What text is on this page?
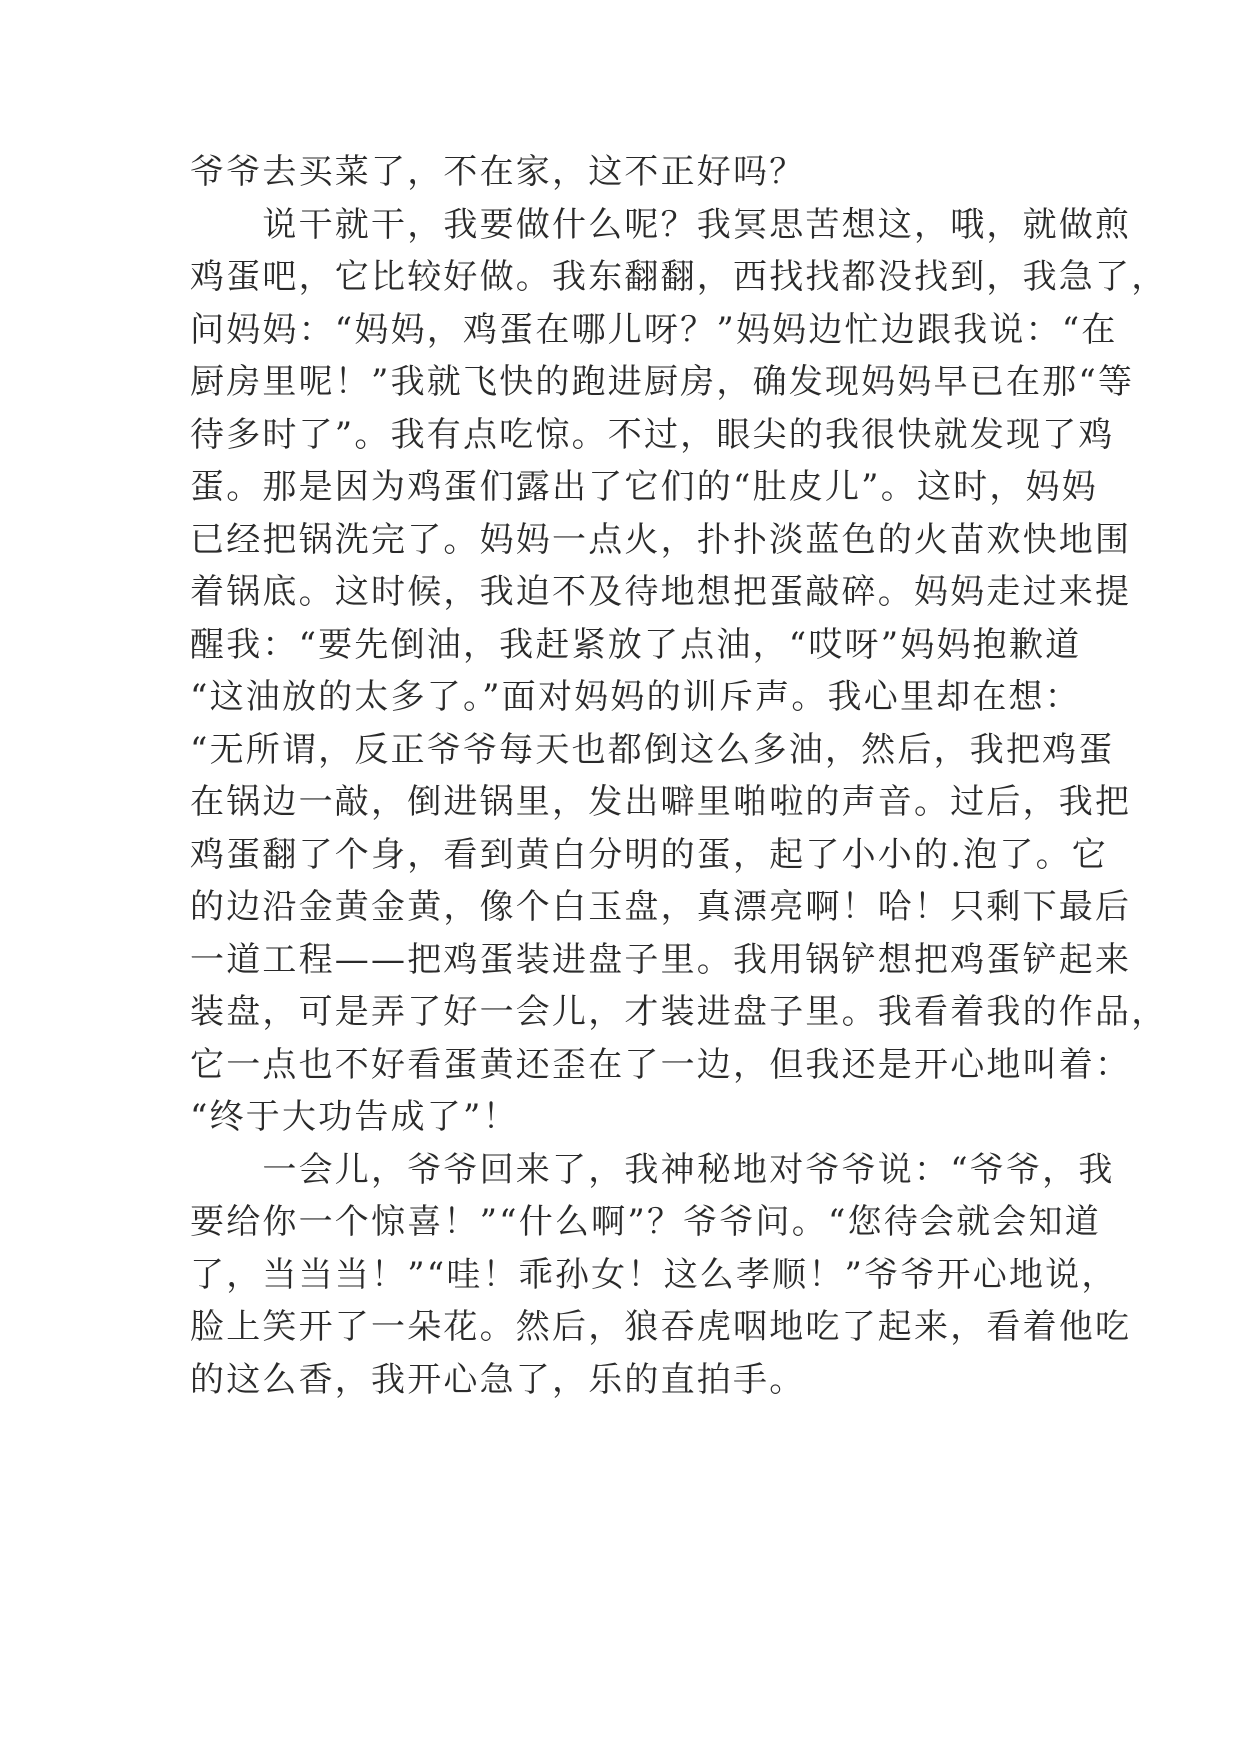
爷爷去买菜了，不在家，这不正好吗？
　　说干就干，我要做什么呢？我冥思苦想这，哦，就做煎
鸡蛋吧，它比较好做。我东翻翻，西找找都没找到，我急了，
问妈妈：“妈妈，鸡蛋在哪儿呀？”妈妈边忙边跟我说：“在
厨房里呢！”我就飞快的跑进厨房，确发现妈妈早已在那“等
待多时了”。我有点吃惊。不过，眼尖的我很快就发现了鸡
蛋。那是因为鸡蛋们露出了它们的“肚皮儿”。这时，妈妈
已经把锅洗完了。妈妈一点火，扑扑淡蓝色的火苗欢快地围
着锅底。这时候，我迫不及待地想把蛋敲碎。妈妈走过来提
醒我：“要先倒油，我赶紧放了点油，“哎呀”妈妈抱歉道
“这油放的太多了。”面对妈妈的训斥声。我心里却在想：
“无所谓，反正爷爷每天也都倒这么多油，然后，我把鸡蛋
在锅边一敲，倒进锅里，发出噼里啪啦的声音。过后，我把
鸡蛋翻了个身，看到黄白分明的蛋，起了小小的.泡了。它
的边沿金黄金黄，像个白玉盘，真漂亮啊！哈！只剩下最后
一道工程——把鸡蛋装进盘子里。我用锅铲想把鸡蛋铲起来
装盘，可是弄了好一会儿，才装进盘子里。我看着我的作品，
它一点也不好看蛋黄还歪在了一边，但我还是开心地叫着：
“终于大功告成了”！
　　一会儿，爷爷回来了，我神秘地对爷爷说：“爷爷，我
要给你一个惊喜！”“什么啊”？爷爷问。“您待会就会知道
了，当当当！”“哇！乖孙女！这么孝顺！”爷爷开心地说，
脸上笑开了一朵花。然后，狼吞虎咽地吃了起来，看着他吃
的这么香，我开心急了，乐的直拍手。
